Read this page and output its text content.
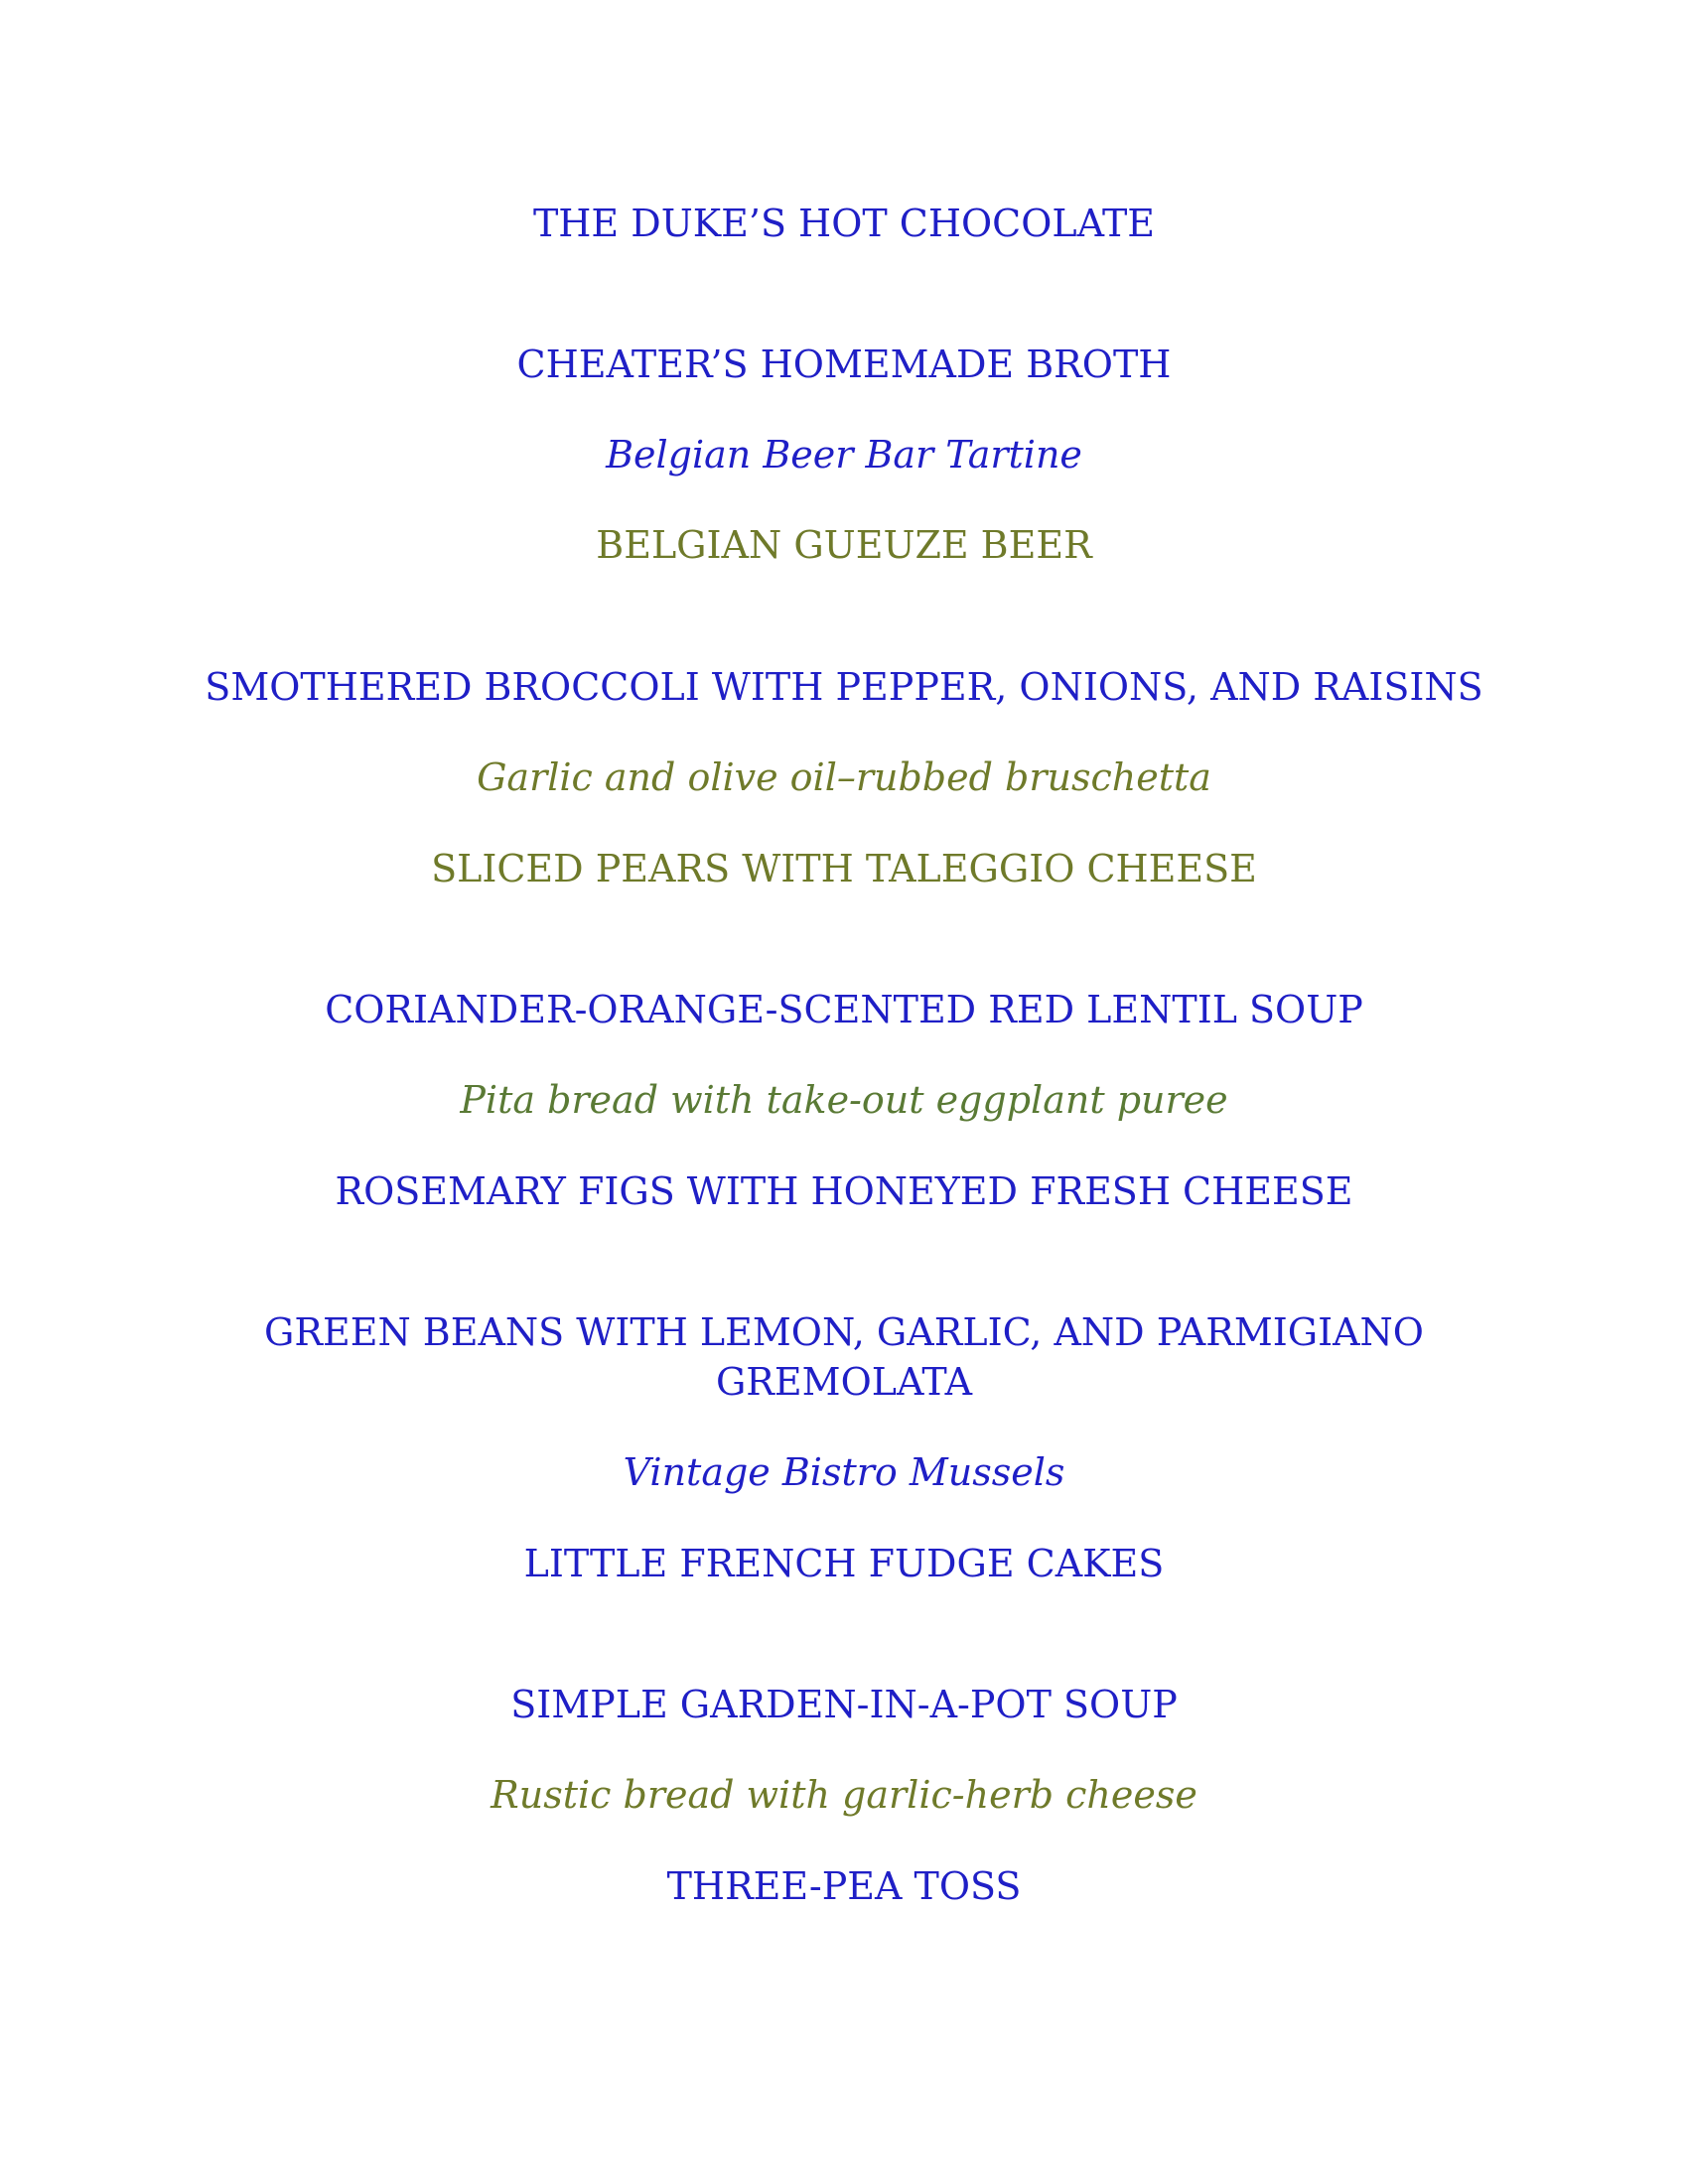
THE DUKE’S HOT CHOCOLATE
CHEATER’S HOMEMADE BROTH
Belgian Beer Bar Tartine
BELGIAN GUEUZE BEER
SMOTHERED BROCCOLI WITH PEPPER, ONIONS, AND RAISINS
Garlic and olive oil–rubbed bruschetta
SLICED PEARS WITH TALEGGIO CHEESE
CORIANDER-ORANGE-SCENTED RED LENTIL SOUP
Pita bread with take-out eggplant puree
ROSEMARY FIGS WITH HONEYED FRESH CHEESE
GREEN BEANS WITH LEMON, GARLIC, AND PARMIGIANO GREMOLATA
Vintage Bistro Mussels
LITTLE FRENCH FUDGE CAKES
SIMPLE GARDEN-IN-A-POT SOUP
Rustic bread with garlic-herb cheese
THREE-PEA TOSS
